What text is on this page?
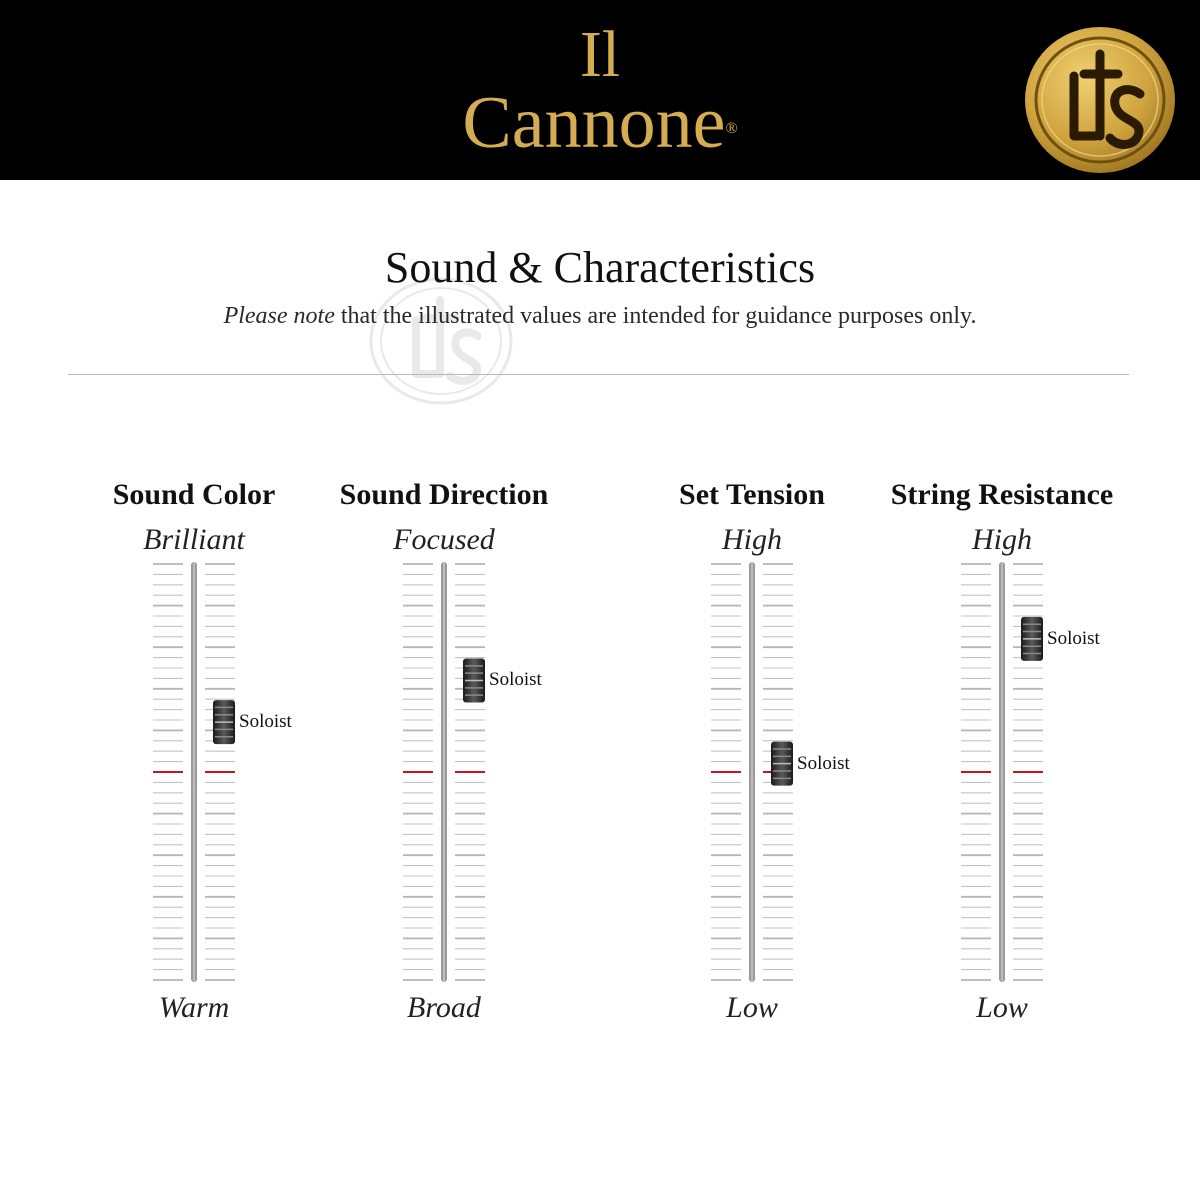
Il
Cannone®
Sound & Characteristics
Please note that the illustrated values are intended for guidance purposes only.
Sound Color
Brilliant
Warm
Soloist
Sound Direction
Focused
Broad
Soloist
Set Tension
High
Low
Soloist
String Resistance
High
Low
Soloist
